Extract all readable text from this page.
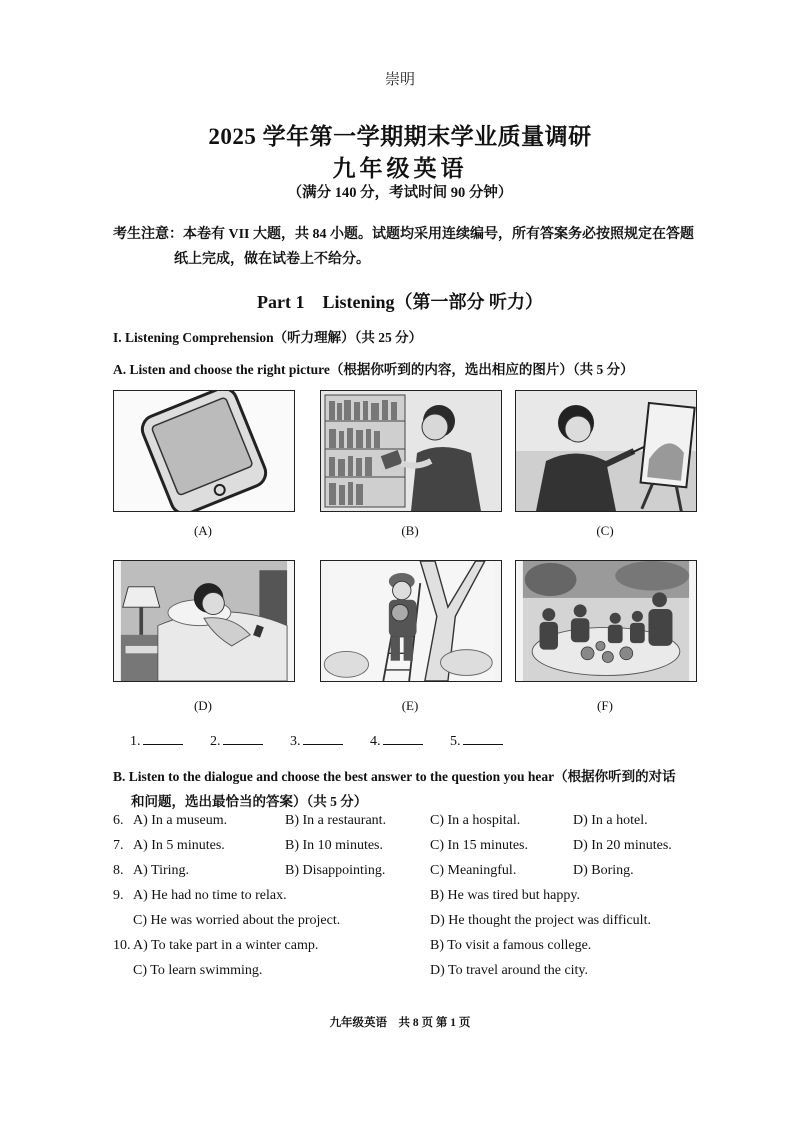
崇明
2025 学年第一学期期末学业质量调研
九年级英语
（满分 140 分，考试时间 90 分钟）
考生注意：本卷有 VII 大题，共 84 小题。试题均采用连续编号，所有答案务必按照规定在答题
纸上完成，做在试卷上不给分。
Part 1　Listening（第一部分 听力）
I. Listening Comprehension（听力理解）（共 25 分）
A. Listen and choose the right picture（根据你听到的内容，选出相应的图片）（共 5 分）
(A)	(B)	(C)
(D)	(E)	(F)
1.	2.	3.	4.	5.
B. Listen to the dialogue and choose the best answer to the question you hear（根据你听到的对话
和问题，选出最恰当的答案）（共 5 分）
6. A) In a museum.	B) In a restaurant.	C) In a hospital.	D) In a hotel.
7. A) In 5 minutes.	B) In 10 minutes.	C) In 15 minutes.	D) In 20 minutes.
8. A) Tiring.	B) Disappointing.	C) Meaningful.	D) Boring.
9. A) He had no time to relax.	B) He was tired but happy.
C) He was worried about the project.	D) He thought the project was difficult.
10. A) To take part in a winter camp.	B) To visit a famous college.
C) To learn swimming.	D) To travel around the city.
九年级英语　共 8 页 第 1 页
